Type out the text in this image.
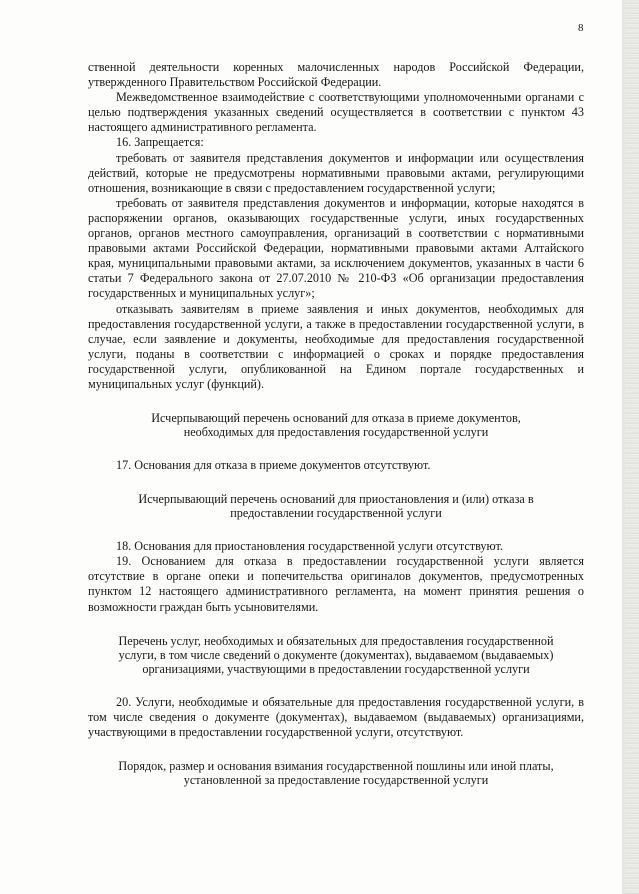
8

ственной деятельности коренных малочисленных народов Российской Федерации, утвержденного Правительством Российской Федерации.

Межведомственное взаимодействие с соответствующими уполномоченными органами с целью подтверждения указанных сведений осуществляется в соответствии с пунктом 43 настоящего административного регламента.

16. Запрещается:

требовать от заявителя представления документов и информации или осуществления действий, которые не предусмотрены нормативными правовыми актами, регулирующими отношения, возникающие в связи с предоставлением государственной услуги;

требовать от заявителя представления документов и информации, которые находятся в распоряжении органов, оказывающих государственные услуги, иных государственных органов, органов местного самоуправления, организаций в соответствии с нормативными правовыми актами Российской Федерации, нормативными правовыми актами Алтайского края, муниципальными правовыми актами, за исключением документов, указанных в части 6 статьи 7 Федерального закона от 27.07.2010 № 210-ФЗ «Об организации предоставления государственных и муниципальных услуг»;

отказывать заявителям в приеме заявления и иных документов, необходимых для предоставления государственной услуги, а также в предоставлении государственной услуги, в случае, если заявление и документы, необходимые для предоставления государственной услуги, поданы в соответствии с информацией о сроках и порядке предоставления государственной услуги, опубликованной на Едином портале государственных и муниципальных услуг (функций).

Исчерпывающий перечень оснований для отказа в приеме документов, необходимых для предоставления государственной услуги

17. Основания для отказа в приеме документов отсутствуют.

Исчерпывающий перечень оснований для приостановления и (или) отказа в предоставлении государственной услуги

18. Основания для приостановления государственной услуги отсутствуют.

19. Основанием для отказа в предоставлении государственной услуги является отсутствие в органе опеки и попечительства оригиналов документов, предусмотренных пунктом 12 настоящего административного регламента, на момент принятия решения о возможности граждан быть усыновителями.

Перечень услуг, необходимых и обязательных для предоставления государственной услуги, в том числе сведений о документе (документах), выдаваемом (выдаваемых) организациями, участвующими в предоставлении государственной услуги

20. Услуги, необходимые и обязательные для предоставления государственной услуги, в том числе сведения о документе (документах), выдаваемом (выдаваемых) организациями, участвующими в предоставлении государственной услуги, отсутствуют.

Порядок, размер и основания взимания государственной пошлины или иной платы, установленной за предоставление государственной услуги
